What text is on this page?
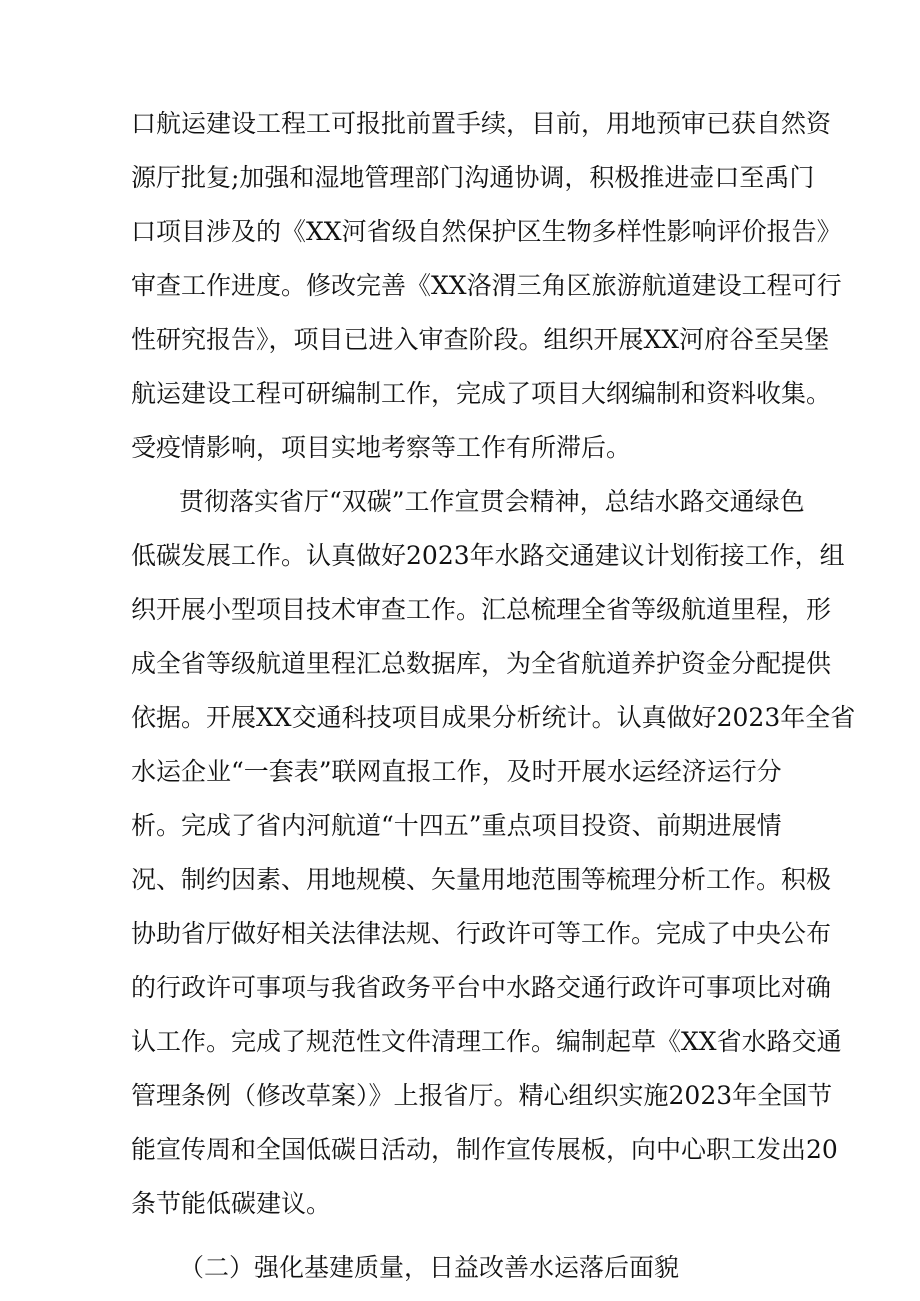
口航运建设工程工可报批前置手续，目前，用地预审已获自然资
源厅批复;加强和湿地管理部门沟通协调，积极推进壶口至禹门
口项目涉及的《XX河省级自然保护区生物多样性影响评价报告》
审查工作进度。修改完善《XX洛渭三角区旅游航道建设工程可行
性研究报告》，项目已进入审查阶段。组织开展XX河府谷至吴堡
航运建设工程可研编制工作，完成了项目大纲编制和资料收集。
受疫情影响，项目实地考察等工作有所滞后。
贯彻落实省厅“双碳”工作宣贯会精神，总结水路交通绿色
低碳发展工作。认真做好2023年水路交通建议计划衔接工作，组
织开展小型项目技术审查工作。汇总梳理全省等级航道里程，形
成全省等级航道里程汇总数据库，为全省航道养护资金分配提供
依据。开展XX交通科技项目成果分析统计。认真做好2023年全省
水运企业“一套表”联网直报工作，及时开展水运经济运行分
析。完成了省内河航道“十四五”重点项目投资、前期进展情
况、制约因素、用地规模、矢量用地范围等梳理分析工作。积极
协助省厅做好相关法律法规、行政许可等工作。完成了中央公布
的行政许可事项与我省政务平台中水路交通行政许可事项比对确
认工作。完成了规范性文件清理工作。编制起草《XX省水路交通
管理条例（修改草案）》上报省厅。精心组织实施2023年全国节
能宣传周和全国低碳日活动，制作宣传展板，向中心职工发出20
条节能低碳建议。
（二）强化基建质量，日益改善水运落后面貌
